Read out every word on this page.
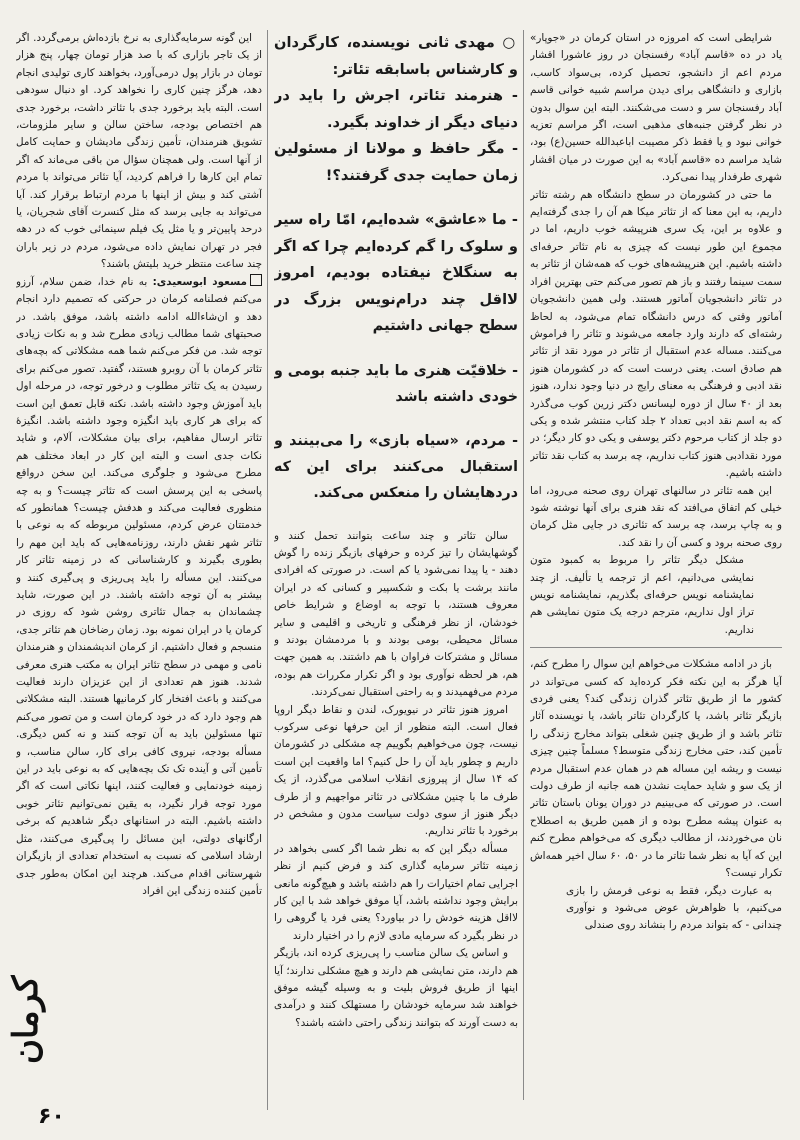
شرایطی است که امروزه در استان کرمان در «جوپار» یاد در ده «قاسم آباد» رفسنجان در روز عاشورا اقشار مردم اعم از دانشجو، تحصیل کرده، بی‌سواد کاسب، بازاری و دانشگاهی برای دیدن مراسم شبیه خوانی قاسم آباد رفسنجان سر و دست می‌شکنند. البته این سوال بدون در نظر گرفتن جنبه‌های مذهبی است، اگر مراسم تعزیه خوانی نبود و یا فقط ذکر مصیبت اباعبدالله حسین(ع) بود، شاید مراسم ده «قاسم آباد» به این صورت در میان اقشار شهری طرفدار پیدا نمی‌کرد.

ما حتی در کشورمان در سطح دانشگاه هم رشته تئاتر داریم، به این معنا که از تئاتر میکا هم آن را جدی گرفته‌ایم و علاوه بر این، یک سری هنرپیشه خوب داریم، اما در مجموع این طور نیست که چیزی به نام تئاتر حرفه‌ای داشته باشیم. این هنرپیشه‌های خوب که همه‌شان از تئاتر به سمت سینما رفتند و باز هم تصور می‌کنم حتی بهترین افراد در تئاتر دانشجویان آماتور هستند. ولی همین دانشجویان آماتور وقتی که درس دانشگاه تمام می‌شود، به لحاظ رشته‌ای که دارند وارد جامعه می‌شوند و تئاتر را فراموش می‌کنند. مساله عدم استقبال از تئاتر در مورد نقد از تئاتر هم صادق است. یعنی درست است که در کشورمان هنوز نقد ادبی و فرهنگی به معنای رایج در دنیا وجود ندارد، هنوز بعد از ۴۰ سال از دوره لیسانس دکتر زرین کوب می‌گذرد که به اسم نقد ادبی تعداد ۲ جلد کتاب منتشر شده و یکی دو جلد از کتاب مرحوم دکتر یوسفی و یکی دو کار دیگر؛ در مورد نقدادبی هنوز کتاب نداریم، چه برسد به کتاب نقد تئاتر داشته باشیم.

این همه تئاتر در سالنهای تهران روی صحنه می‌رود، اما خیلی کم اتفاق می‌افتد که نقد هنری برای آنها نوشته شود و به چاپ برسد، چه برسد که تئاتری در جایی مثل کرمان روی صحنه برود و کسی آن را نقد کند.

مشکل دیگر تئاتر را مربوط به کمبود متون نمایشی می‌دانیم، اعم از ترجمه یا تألیف. از چند نمایشنامه نویس حرفه‌ای بگذریم، نمایشنامه نویس تراز اول نداریم، مترجم درجه یک متون نمایشی هم نداریم.

باز در ادامه مشکلات می‌خواهم این سوال را مطرح کنم، آیا هرگز به این نکته فکر کرده‌اید که کسی می‌تواند در کشور ما از طریق تئاتر گذران زندگی کند؟ یعنی فردی بازیگر تئاتر باشد، یا کارگردان تئاتر باشد، یا نویسنده آثار تئاتر باشد و از طریق چنین شغلی بتواند مخارج زندگی را تأمین کند، حتی مخارج زندگی متوسط؟ مسلماً چنین چیزی نیست و ریشه این مساله هم در همان عدم استقبال مردم از یک سو و شاید حمایت نشدن همه جانبه از طرف دولت است. در صورتی که می‌بینیم در دوران یونان باستان تئاتر به عنوان پیشه مطرح بوده و از همین طریق به اصطلاح نان می‌خوردند، از مطالب دیگری که می‌خواهم مطرح کنم این که آیا به نظر شما تئاتر ما در ۵۰، ۶۰ سال اخیر همه‌اش تکرار نیست؟

به عبارت دیگر، فقط به نوعی فرمش را بازی می‌کنیم، با ظواهرش عوض می‌شود و نوآوری چندانی - که بتواند مردم را بنشاند روی صندلی

○ مهدی ثانی نویسنده، کارگردان و کارشناس باسابقه تئاتر:
- هنرمند تئاتر، اجرش را باید در دنیای دیگر از خداوند بگیرد.
- مگر حافظ و مولانا از مسئولین زمان حمایت جدی گرفتند؟!
- ما «عاشق» شده‌ایم، امّا راه سیر و سلوک را گم کرده‌ایم چرا که اگر به سنگلاخ نیفتاده بودیم، امروز لااقل چند درام‌نویس بزرگ در سطح جهانی داشتیم
- خلاقیّت هنری ما باید جنبه بومی و خودی داشته باشد
- مردم، «سیاه بازی» را می‌بینند و استقبال می‌کنند برای این که دردهایشان را منعکس می‌کند.

سالن تئاتر و چند ساعت بتوانند تحمل کنند و گوشهایشان را تیز کرده و حرفهای بازیگر زنده را گوش دهند - یا پیدا نمی‌شود یا کم است. در صورتی که افرادی مانند برشت یا بکت و شکسپیر و کسانی که در ایران معروف هستند، با توجه به اوضاع و شرایط خاص خودشان، از نظر فرهنگی و تاریخی و اقلیمی و سایر مسائل محیطی، بومی بودند و با مردمشان بودند و مسائل و مشترکات فراوان با هم داشتند. به همین جهت هم، هر لحظه نوآوری بود و اگر تکرار مکررات هم بوده، مردم می‌فهمیدند و به راحتی استقبال نمی‌کردند.

امروز هنوز تئاتر در نیویورک، لندن و نقاط دیگر اروپا فعال است. البته منظور از این حرفها نوعی سرکوب نیست، چون می‌خواهیم بگوییم چه مشکلی در کشورمان داریم و چطور باید آن را حل کنیم؟ اما واقعیت این است که ۱۴ سال از پیروزی انقلاب اسلامی می‌گذرد، از یک طرف ما با چنین مشکلاتی در تئاتر مواجهیم و از طرف دیگر هنوز از سوی دولت سیاست مدون و مشخص در برخورد با تئاتر نداریم.

مسأله دیگر این که به نظر شما اگر کسی بخواهد در زمینه تئاتر سرمایه گذاری کند و فرض کنیم از نظر اجرایی تمام اختیارات را هم داشته باشد و هیچ‌گونه مانعی برایش وجود نداشته باشد، آیا موفق خواهد شد با این کار لااقل هزینه خودش را در بیاورد؟ یعنی فرد یا گروهی را در نظر بگیرد که سرمایه مادی لازم را در اختیار دارند

و اساس یک سالن مناسب را پی‌ریزی کرده اند، بازیگر هم دارند، متن نمایشی هم دارند و هیچ مشکلی ندارند؛ آیا اینها از طریق فروش بلیت و به وسیله گیشه موفق خواهند شد سرمایه خودشان را مستهلک کنند و درآمدی به دست آورند که بتوانند زندگی راحتی داشته باشند؟

این گونه سرمایه‌گذاری به نرخ بازده‌اش برمی‌گردد. اگر از یک تاجر بازاری که با صد هزار تومان چهار، پنج هزار تومان در بازار پول درمی‌آورد، بخواهند کاری تولیدی انجام دهد، هرگز چنین کاری را نخواهد کرد. او دنبال سودهی است. البته باید برخورد جدی با تئاتر داشت، برخورد جدی هم اختصاص بودجه، ساختن سالن و سایر ملزومات، تشویق هنرمندان، تأمین زندگی مادیشان و حمایت کامل از آنها است. ولی همچنان سؤال من باقی می‌ماند که اگر تمام این کارها را فراهم کردید، آیا تئاتر می‌تواند با مردم آشتی کند و بیش از اینها با مردم ارتباط برقرار کند. آیا می‌تواند به جایی برسد که مثل کنسرت آقای شجریان، یا درحد پایین‌تر و یا مثل یک فیلم سینمائی خوب که در دهه فجر در تهران نمایش داده می‌شود، مردم در زیر باران چند ساعت منتظر خرید بلیتش باشند؟

مسعود ابوسعیدی: به نام خدا، ضمن سلام، آرزو می‌کنم فصلنامه کرمان در حرکتی که تصمیم دارد انجام دهد و ان‌شاءالله ادامه داشته باشد، موفق باشد. در صحبتهای شما مطالب زیادی مطرح شد و به نکات زیادی توجه شد. من فکر می‌کنم شما همه مشکلاتی که بچه‌های تئاتر کرمان با آن روبرو هستند، گفتید. تصور می‌کنم برای رسیدن به یک تئاتر مطلوب و درخور توجه، در مرحله اول باید آموزش وجود داشته باشد. نکته قابل تعمق این است که برای هر کاری باید انگیزه وجود داشته باشد. انگیزهٔ تئاتر ارسال مفاهیم، برای بیان مشکلات، آلام، و شاید نکات جدی است و البته این کار در ابعاد مختلف هم مطرح می‌شود و جلوگری می‌کند. این سخن درواقع پاسخی به این پرسش است که تئاتر چیست؟ و به چه منظوری فعالیت می‌کند و هدفش چیست؟ همانطور که خدمتتان عرض کردم، مسئولین مربوطه که به نوعی با تئاتر شهر نقش دارند، روزنامه‌هایی که باید این مهم را بطوری بگیرند و کارشناسانی که در زمینه تئاتر کار می‌کنند. این مسأله را باید پی‌ریزی و پی‌گیری کنند و بیشتر به آن توجه داشته باشند. در این صورت، شاید چشماندان به جمال تئاتری روشن شود که روزی در کرمان یا در ایران نمونه بود. زمان رضاخان هم تئاتر جدی، منسجم و فعال داشتیم. از کرمان اندیشمندان و هنرمندان نامی و مهمی در سطح تئاتر ایران به مکتب هنری معرفی شدند. هنوز هم تعدادی از این عزیزان دارند فعالیت می‌کنند و باعث افتخار کار کرمانیها هستند. البته مشکلاتی هم وجود دارد که در خود کرمان است و من تصور می‌کنم تنها مسئولین باید به آن توجه کنند و نه کس دیگری. مسأله بودجه، نیروی کافی برای کار، سالن مناسب، و تأمین آتی و آینده تک تک بچه‌هایی که به نوعی باید در این زمینه خودنمایی و فعالیت کنند، اینها نکاتی است که اگر مورد توجه قرار نگیرد، به یقین نمی‌توانیم تئاتر خوبی داشته باشیم. البته در استانهای دیگر شاهدیم که برخی ارگانهای دولتی، این مسائل را پی‌گیری می‌کنند، مثل ارشاد اسلامی که نسبت به استخدام تعدادی از بازیگران شهرستانی اقدام می‌کند. هرچند این امکان به‌طور جدی تأمین کننده زندگی این افراد

کرمان
۶۰
